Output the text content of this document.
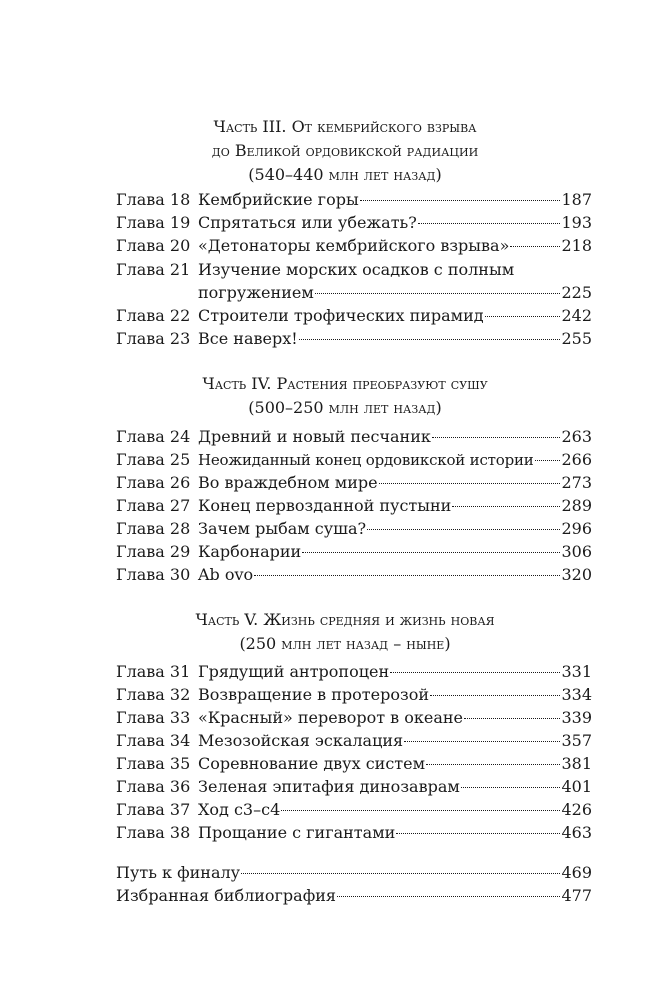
Часть III. От кембрийского взрыва
до Великой ордовикской радиации
(540–440 млн лет назад)
Глава 18 Кембрийские горы	187
Глава 19 Спрятаться или убежать?	193
Глава 20 «Детонаторы кембрийского взрыва»	218
Глава 21 Изучение морских осадков с полным
погружением	225
Глава 22 Строители трофических пирамид	242
Глава 23 Все наверх!	255
Часть IV. Растения преобразуют сушу
(500–250 млн лет назад)
Глава 24 Древний и новый песчаник	263
Глава 25 Неожиданный конец ордовикской истории 266
Глава 26 Во враждебном мире	273
Глава 27 Конец первозданной пустыни	289
Глава 28 Зачем рыбам суша?	296
Глава 29 Карбонарии	306
Глава 30 Ab ovo	320
Часть V. Жизнь средняя и жизнь новая
(250 млн лет назад – ныне)
Глава 31 Грядущий антропоцен	331
Глава 32 Возвращение в протерозой	334
Глава 33 «Красный» переворот в океане	339
Глава 34 Мезозойская эскалация	357
Глава 35 Соревнование двух систем	381
Глава 36 Зеленая эпитафия динозаврам	401
Глава 37 Ход c3–c4	426
Глава 38 Прощание с гигантами	463
Путь к финалу	469
Избранная библиография	477
